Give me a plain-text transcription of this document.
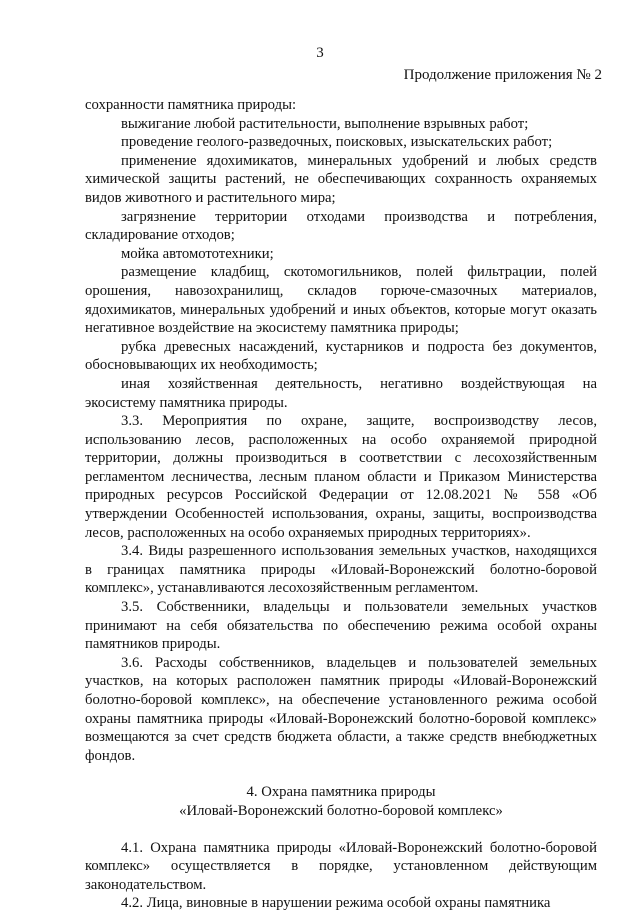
3
Продолжение приложения № 2

сохранности памятника природы:

выжигание любой растительности, выполнение взрывных работ;

проведение геолого-разведочных, поисковых, изыскательских работ;

применение ядохимикатов, минеральных удобрений и любых средств химической защиты растений, не обеспечивающих сохранность охраняемых видов животного и растительного мира;

загрязнение территории отходами производства и потребления, складирование отходов;

мойка автомототехники;

размещение кладбищ, скотомогильников, полей фильтрации, полей орошения, навозохранилищ, складов горюче-смазочных материалов, ядохимикатов, минеральных удобрений и иных объектов, которые могут оказать негативное воздействие на экосистему памятника природы;

рубка древесных насаждений, кустарников и подроста без документов, обосновывающих их необходимость;

иная хозяйственная деятельность, негативно воздействующая на экосистему памятника природы.

3.3. Мероприятия по охране, защите, воспроизводству лесов, использованию лесов, расположенных на особо охраняемой природной территории, должны производиться в соответствии с лесохозяйственным регламентом лесничества, лесным планом области и Приказом Министерства природных ресурсов Российской Федерации от 12.08.2021 № 558 «Об утверждении Особенностей использования, охраны, защиты, воспроизводства лесов, расположенных на особо охраняемых природных территориях».

3.4. Виды разрешенного использования земельных участков, находящихся в границах памятника природы «Иловай-Воронежский болотно-боровой комплекс», устанавливаются лесохозяйственным регламентом.

3.5. Собственники, владельцы и пользователи земельных участков принимают на себя обязательства по обеспечению режима особой охраны памятников природы.

3.6. Расходы собственников, владельцев и пользователей земельных участков, на которых расположен памятник природы «Иловай-Воронежский болотно-боровой комплекс», на обеспечение установленного режима особой охраны памятника природы «Иловай-Воронежский болотно-боровой комплекс» возмещаются за счет средств бюджета области, а также средств внебюджетных фондов.

4. Охрана памятника природы

«Иловай-Воронежский болотно-боровой комплекс»

4.1. Охрана памятника природы «Иловай-Воронежский болотно-боровой комплекс» осуществляется в порядке, установленном действующим законодательством.

4.2. Лица, виновные в нарушении режима особой охраны памятника
